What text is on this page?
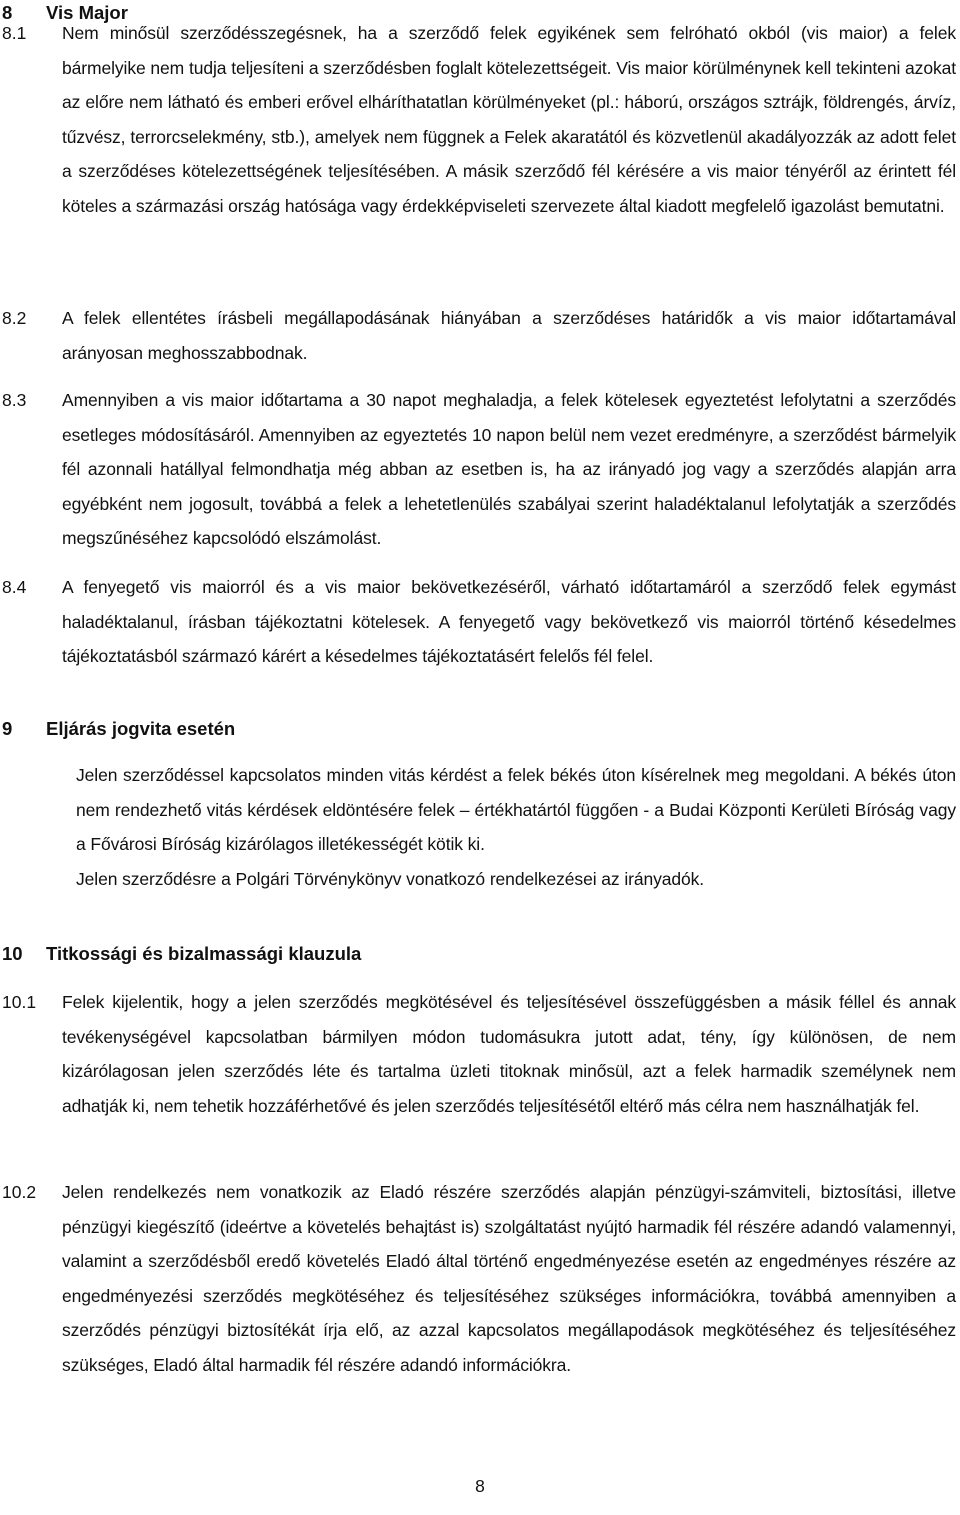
8 Vis Major
8.1 Nem minősül szerződésszegésnek, ha a szerződő felek egyikének sem felróható okból (vis maior) a felek bármelyike nem tudja teljesíteni a szerződésben foglalt kötelezettségeit. Vis maior körülménynek kell tekinteni azokat az előre nem látható és emberi erővel elháríthatatlan körülményeket (pl.: háború, országos sztrájk, földrengés, árvíz, tűzvész, terrorcselekmény, stb.), amelyek nem függnek a Felek akaratától és közvetlenül akadályozzák az adott felet a szerződéses kötelezettségének teljesítésében. A másik szerződő fél kérésére a vis maior tényéről az érintett fél köteles a származási ország hatósága vagy érdekképviseleti szervezete által kiadott megfelelő igazolást bemutatni.
8.2 A felek ellentétes írásbeli megállapodásának hiányában a szerződéses határidők a vis maior időtartamával arányosan meghosszabbodnak.
8.3 Amennyiben a vis maior időtartama a 30 napot meghaladja, a felek kötelesek egyeztetést lefolytatni a szerződés esetleges módosításáról. Amennyiben az egyeztetés 10 napon belül nem vezet eredményre, a szerződést bármelyik fél azonnali hatállyal felmondhatja még abban az esetben is, ha az irányadó jog vagy a szerződés alapján arra egyébként nem jogosult, továbbá a felek a lehetetlenülés szabályai szerint haladéktalanul lefolytatják a szerződés megszűnéséhez kapcsolódó elszámolást.
8.4 A fenyegető vis maiorról és a vis maior bekövetkezéséről, várható időtartamáról a szerződő felek egymást haladéktalanul, írásban tájékoztatni kötelesek. A fenyegető vagy bekövetkező vis maiorról történő késedelmes tájékoztatásból származó kárért a késedelmes tájékoztatásért felelős fél felel.
9 Eljárás jogvita esetén

Jelen szerződéssel kapcsolatos minden vitás kérdést a felek békés úton kísérelnek meg megoldani. A békés úton nem rendezhető vitás kérdések eldöntésére felek – értékhatártól függően - a Budai Központi Kerületi Bíróság vagy a Fővárosi Bíróság kizárólagos illetékességét kötik ki.

Jelen szerződésre a Polgári Törvénykönyv vonatkozó rendelkezései az irányadók.

10 Titkossági és bizalmassági klauzula
10.1 Felek kijelentik, hogy a jelen szerződés megkötésével és teljesítésével összefüggésben a másik féllel és annak tevékenységével kapcsolatban bármilyen módon tudomásukra jutott adat, tény, így különösen, de nem kizárólagosan jelen szerződés léte és tartalma üzleti titoknak minősül, azt a felek harmadik személynek nem adhatják ki, nem tehetik hozzáférhetővé és jelen szerződés teljesítésétől eltérő más célra nem használhatják fel.
10.2 Jelen rendelkezés nem vonatkozik az Eladó részére szerződés alapján pénzügyi-számviteli, biztosítási, illetve pénzügyi kiegészítő (ideértve a követelés behajtást is) szolgáltatást nyújtó harmadik fél részére adandó valamennyi, valamint a szerződésből eredő követelés Eladó által történő engedményezése esetén az engedményes részére az engedményezési szerződés megkötéséhez és teljesítéséhez szükséges információkra, továbbá amennyiben a szerződés pénzügyi biztosítékát írja elő, az azzal kapcsolatos megállapodások megkötéséhez és teljesítéséhez szükséges, Eladó által harmadik fél részére adandó információkra.
8
